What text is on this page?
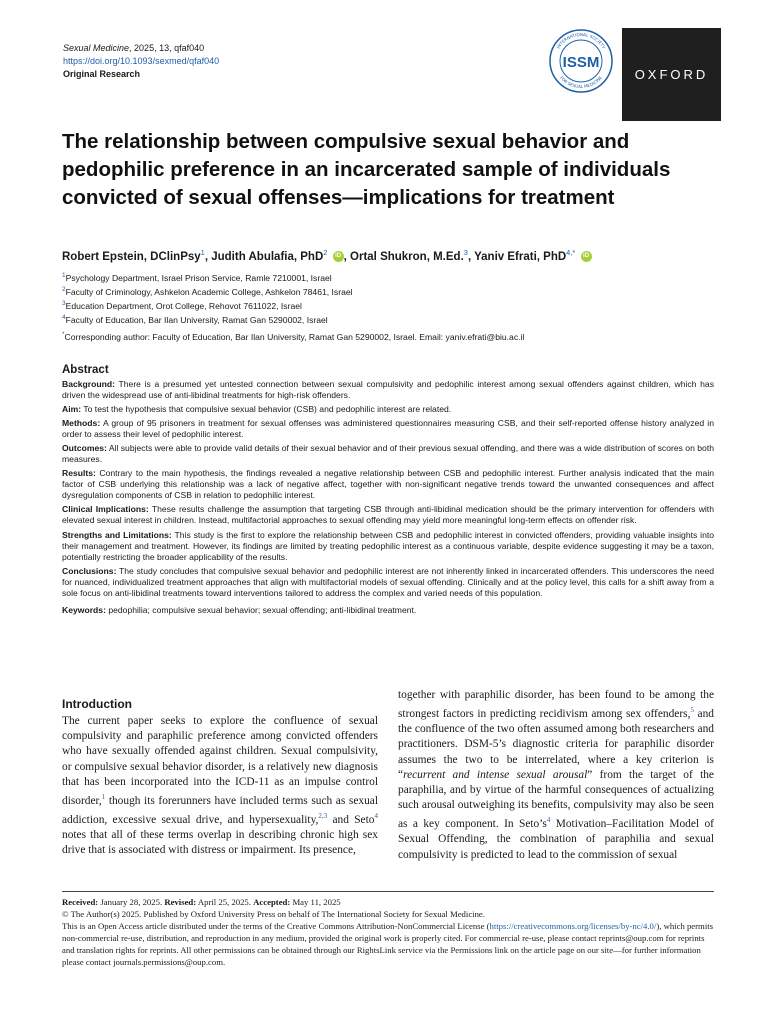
Sexual Medicine, 2025, 13, qfaf040
https://doi.org/10.1093/sexmed/qfaf040
Original Research
INTERNATIONAL SOCIETY
FOR SEXUAL MEDICINE
ISSM
OXFORD
The relationship between compulsive sexual behavior and pedophilic preference in an incarcerated sample of individuals convicted of sexual offenses—implications for treatment
Robert Epstein, DClinPsy$^1$, Judith Abulafia, PhD$^2$ iD , Ortal Shukron, M.Ed.$^3$, Yaniv Efrati, PhD$^{4,*}$ iD
$^1$Psychology Department, Israel Prison Service, Ramle 7210001, Israel
$^2$Faculty of Criminology, Ashkelon Academic College, Ashkelon 78461, Israel
$^3$Education Department, Orot College, Rehovot 7611022, Israel
$^4$Faculty of Education, Bar Ilan University, Ramat Gan 5290002, Israel
*Corresponding author: Faculty of Education, Bar Ilan University, Ramat Gan 5290002, Israel. Email: yaniv.efrati@biu.ac.il
Abstract

Background: There is a presumed yet untested connection between sexual compulsivity and pedophilic interest among sexual offenders against children, which has driven the widespread use of anti-libidinal treatments for high-risk offenders.

Aim: To test the hypothesis that compulsive sexual behavior (CSB) and pedophilic interest are related.

Methods: A group of 95 prisoners in treatment for sexual offenses was administered questionnaires measuring CSB, and their self-reported offense history analyzed in order to assess their level of pedophilic interest.

Outcomes: All subjects were able to provide valid details of their sexual behavior and of their previous sexual offending, and there was a wide distribution of scores on both measures.

Results: Contrary to the main hypothesis, the findings revealed a negative relationship between CSB and pedophilic interest. Further analysis indicated that the main factor of CSB underlying this relationship was a lack of negative affect, together with non-significant negative trends toward the unwanted consequences and affect dysregulation components of CSB in relation to pedophilic interest.

Clinical Implications: These results challenge the assumption that targeting CSB through anti-libidinal medication should be the primary intervention for offenders with elevated sexual interest in children. Instead, multifactorial approaches to sexual offending may yield more meaningful long-term effects on offender risk.

Strengths and Limitations: This study is the first to explore the relationship between CSB and pedophilic interest in convicted offenders, providing valuable insights into their management and treatment. However, its findings are limited by treating pedophilic interest as a continuous variable, despite evidence suggesting it may be a taxon, potentially restricting the broader applicability of the results.

Conclusions: The study concludes that compulsive sexual behavior and pedophilic interest are not inherently linked in incarcerated offenders. This underscores the need for nuanced, individualized treatment approaches that align with multifactorial models of sexual offending. Clinically and at the policy level, this calls for a shift away from a sole focus on anti-libidinal treatments toward interventions tailored to address the complex and varied needs of this population.

Keywords: pedophilia; compulsive sexual behavior; sexual offending; anti-libidinal treatment.
Introduction
The current paper seeks to explore the confluence of sexual compulsivity and paraphilic preference among convicted offenders who have sexually offended against children. Sexual compulsivity, or compulsive sexual behavior disorder, is a relatively new diagnosis that has been incorporated into the ICD-11 as an impulse control disorder,$^1$ though its forerunners have included terms such as sexual addiction, excessive sexual drive, and hypersexuality,$^{2,3}$ and Seto$^4$ notes that all of these terms overlap in describing chronic high sex drive that is associated with distress or impairment. Its presence,
together with paraphilic disorder, has been found to be among the strongest factors in predicting recidivism among sex offenders,$^5$ and the confluence of the two often assumed among both researchers and practitioners. DSM-5’s diagnostic criteria for paraphilic disorder assumes the two to be interrelated, where a key criterion is “recurrent and intense sexual arousal” from the target of the paraphilia, and by virtue of the harmful consequences of actualizing such arousal outweighing its benefits, compulsivity may also be seen as a key component. In $Seto’s^4$ Motivation–Facilitation Model of Sexual Offending, the combination of paraphilia and sexual compulsivity is predicted to lead to the commission of sexual
Received: January 28, 2025. Revised: April 25, 2025. Accepted: May 11, 2025
© The Author(s) 2025. Published by Oxford University Press on behalf of The International Society for Sexual Medicine.
This is an Open Access article distributed under the terms of the Creative Commons Attribution-NonCommercial License (https://creativecommons.org/licenses/by-nc/4.0/), which permits non-commercial re-use, distribution, and reproduction in any medium, provided the original work is properly cited. For commercial re-use, please contact reprints@oup.com for reprints and translation rights for reprints. All other permissions can be obtained through our RightsLink service via the Permissions link on the article page on our site—for further information please contact journals.permissions@oup.com.
